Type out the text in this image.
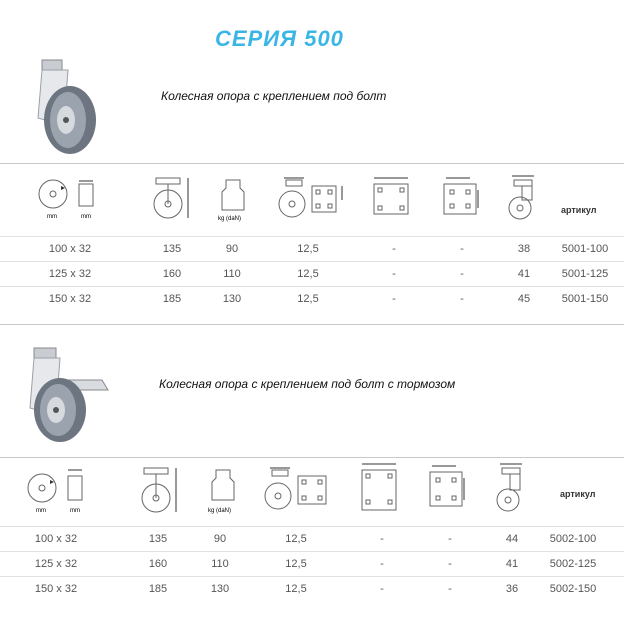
СЕРИЯ 500
Колесная опора с креплением под болт
mm	mm	kg (daN)
артикул
100 x 32	135	90	12,5	-	-	38	5001-100
125 x 32	160	110	12,5	-	-	41	5001-125
150 x 32	185	130	12,5	-	-	45	5001-150
Колесная опора с креплением под болт с тормозом
mm	mm	kg (daN)
артикул
100 x 32	135	90	12,5	-	-	44	5002-100
125 x 32	160	110	12,5	-	-	41	5002-125
150 x 32	185	130	12,5	-	-	36	5002-150
